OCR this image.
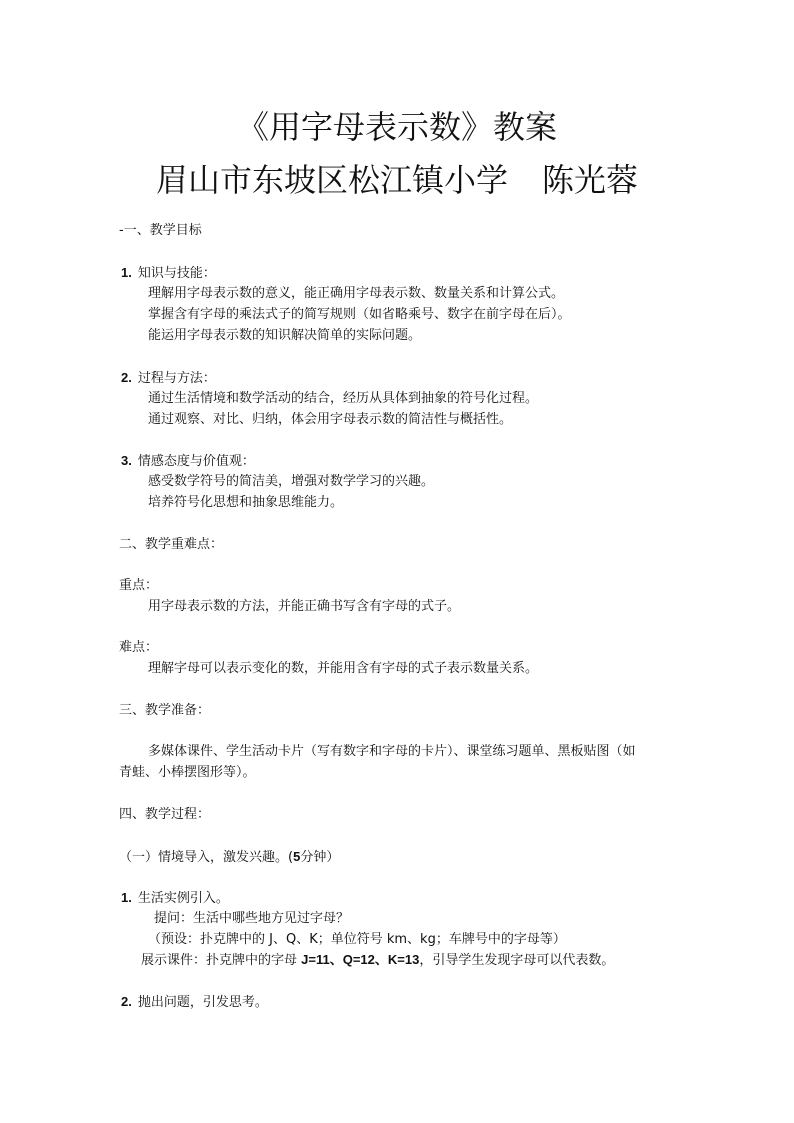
《用字母表示数》教案
眉山市东坡区松江镇小学 陈光蓉
-一、教学目标
1. 知识与技能：
理解用字母表示数的意义，能正确用字母表示数、数量关系和计算公式。
掌握含有字母的乘法式子的简写规则（如省略乘号、数字在前字母在后）。
能运用字母表示数的知识解决简单的实际问题。
2. 过程与方法：
通过生活情境和数学活动的结合，经历从具体到抽象的符号化过程。
通过观察、对比、归纳，体会用字母表示数的简洁性与概括性。
3. 情感态度与价值观：
感受数学符号的简洁美，增强对数学学习的兴趣。
培养符号化思想和抽象思维能力。
二、教学重难点：
重点：
用字母表示数的方法，并能正确书写含有字母的式子。
难点：
理解字母可以表示变化的数，并能用含有字母的式子表示数量关系。
三、教学准备：
多媒体课件、学生活动卡片（写有数字和字母的卡片）、课堂练习题单、黑板贴图（如
青蛙、小棒摆图形等）。
四、教学过程：
（一）情境导入，激发兴趣。(5分钟）
1. 生活实例引入。
提问：生活中哪些地方见过字母？
（预设：扑克牌中的 J、Q、K；单位符号 km、kg；车牌号中的字母等）
展示课件：扑克牌中的字母 J=11、Q=12、K=13，引导学生发现字母可以代表数。
2. 抛出问题，引发思考。
